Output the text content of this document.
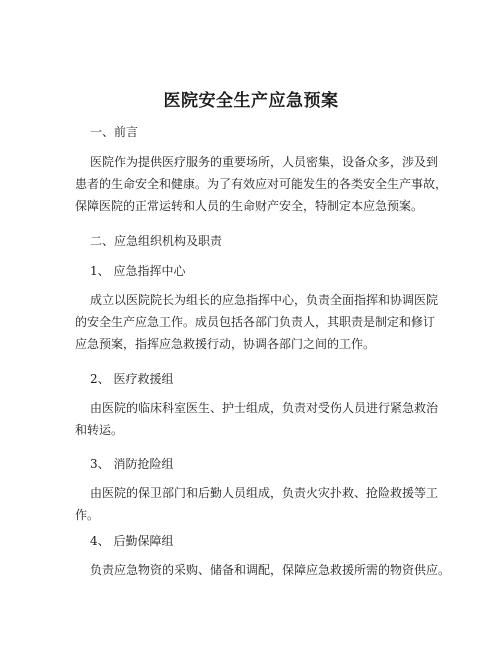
医院安全生产应急预案
一、前言
医院作为提供医疗服务的重要场所，人员密集，设备众多，涉及到
患者的生命安全和健康。为了有效应对可能发生的各类安全生产事故，
保障医院的正常运转和人员的生命财产安全，特制定本应急预案。
二、应急组织机构及职责
1、 应急指挥中心
成立以医院院长为组长的应急指挥中心，负责全面指挥和协调医院
的安全生产应急工作。成员包括各部门负责人，其职责是制定和修订
应急预案，指挥应急救援行动，协调各部门之间的工作。
2、 医疗救援组
由医院的临床科室医生、护士组成，负责对受伤人员进行紧急救治
和转运。
3、 消防抢险组
由医院的保卫部门和后勤人员组成，负责火灾扑救、抢险救援等工
作。
4、 后勤保障组
负责应急物资的采购、储备和调配，保障应急救援所需的物资供应。
